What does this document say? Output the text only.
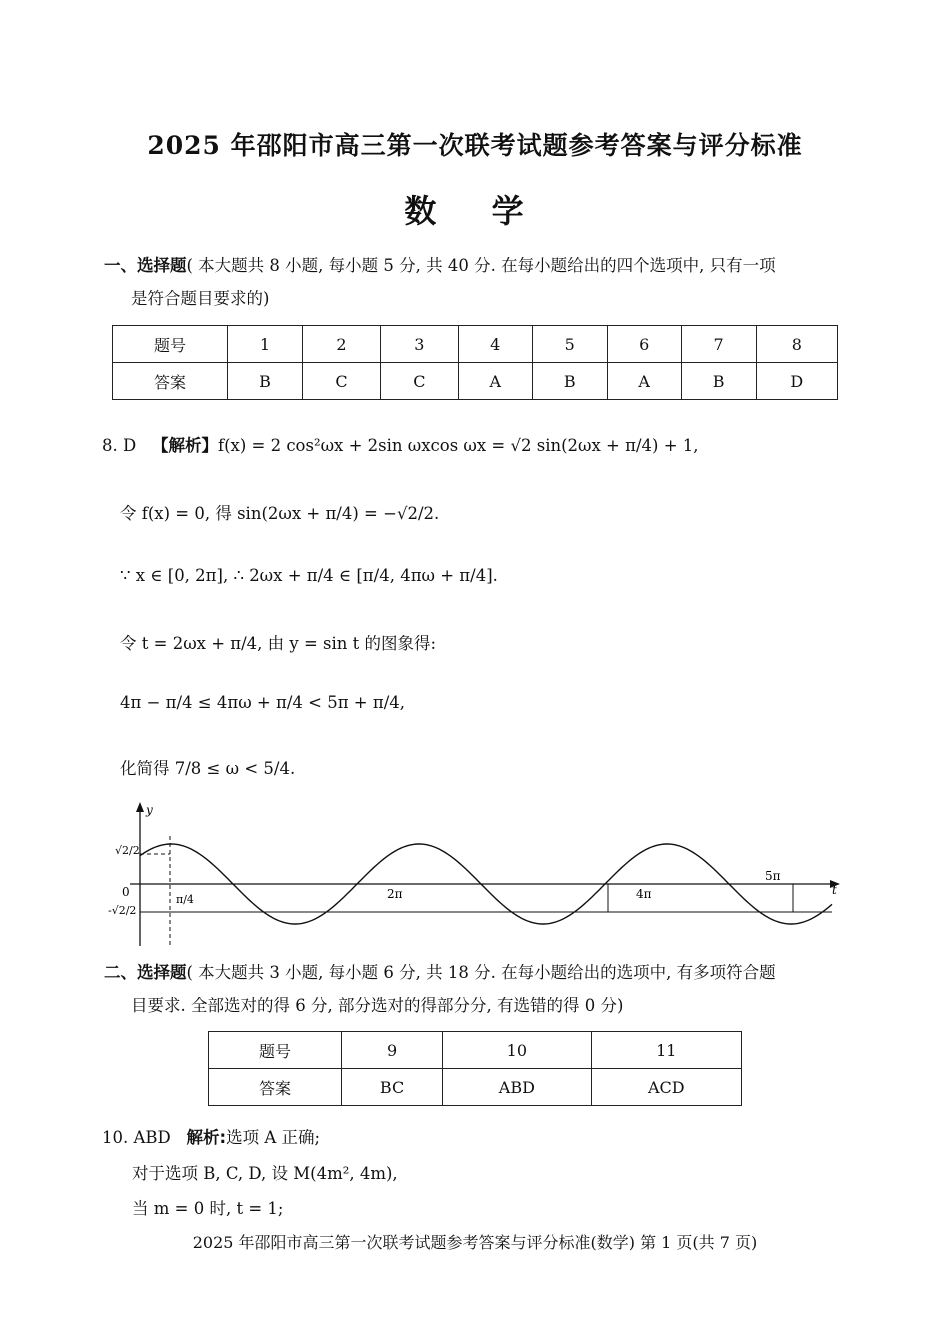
2025 年邵阳市高三第一次联考试题参考答案与评分标准
数 学
一、选择题( 本大题共 8 小题, 每小题 5 分, 共 40 分. 在每小题给出的四个选项中, 只有一项
是符合题目要求的)
题号	1	2	3	4	5	6	7	8
答案	B	C	C	A	B	A	B	D
8. D 【解析】f(x) = 2 cos²ωx + 2sin ωxcos ωx = √2 sin(2ωx + π/4) + 1,
令 f(x) = 0, 得 sin(2ωx + π/4) = −√2/2.
∵ x ∈ [0, 2π], ∴ 2ωx + π/4 ∈ [π/4, 4πω + π/4].
令 t = 2ωx + π/4, 由 y = sin t 的图象得:
4π − π/4 ≤ 4πω + π/4 < 5π + π/4,
化简得 7/8 ≤ ω < 5/4.
y
t
0
√2/2
-√2/2
π/4	2π	4π
5π
二、选择题( 本大题共 3 小题, 每小题 6 分, 共 18 分. 在每小题给出的选项中, 有多项符合题
目要求. 全部选对的得 6 分, 部分选对的得部分分, 有选错的得 0 分)
题号	9	10	11
答案	BC	ABD	ACD
10. ABD 解析:选项 A 正确;
对于选项 B, C, D, 设 M(4m², 4m),
当 m = 0 时, t = 1;
2025 年邵阳市高三第一次联考试题参考答案与评分标准(数学) 第 1 页(共 7 页)
